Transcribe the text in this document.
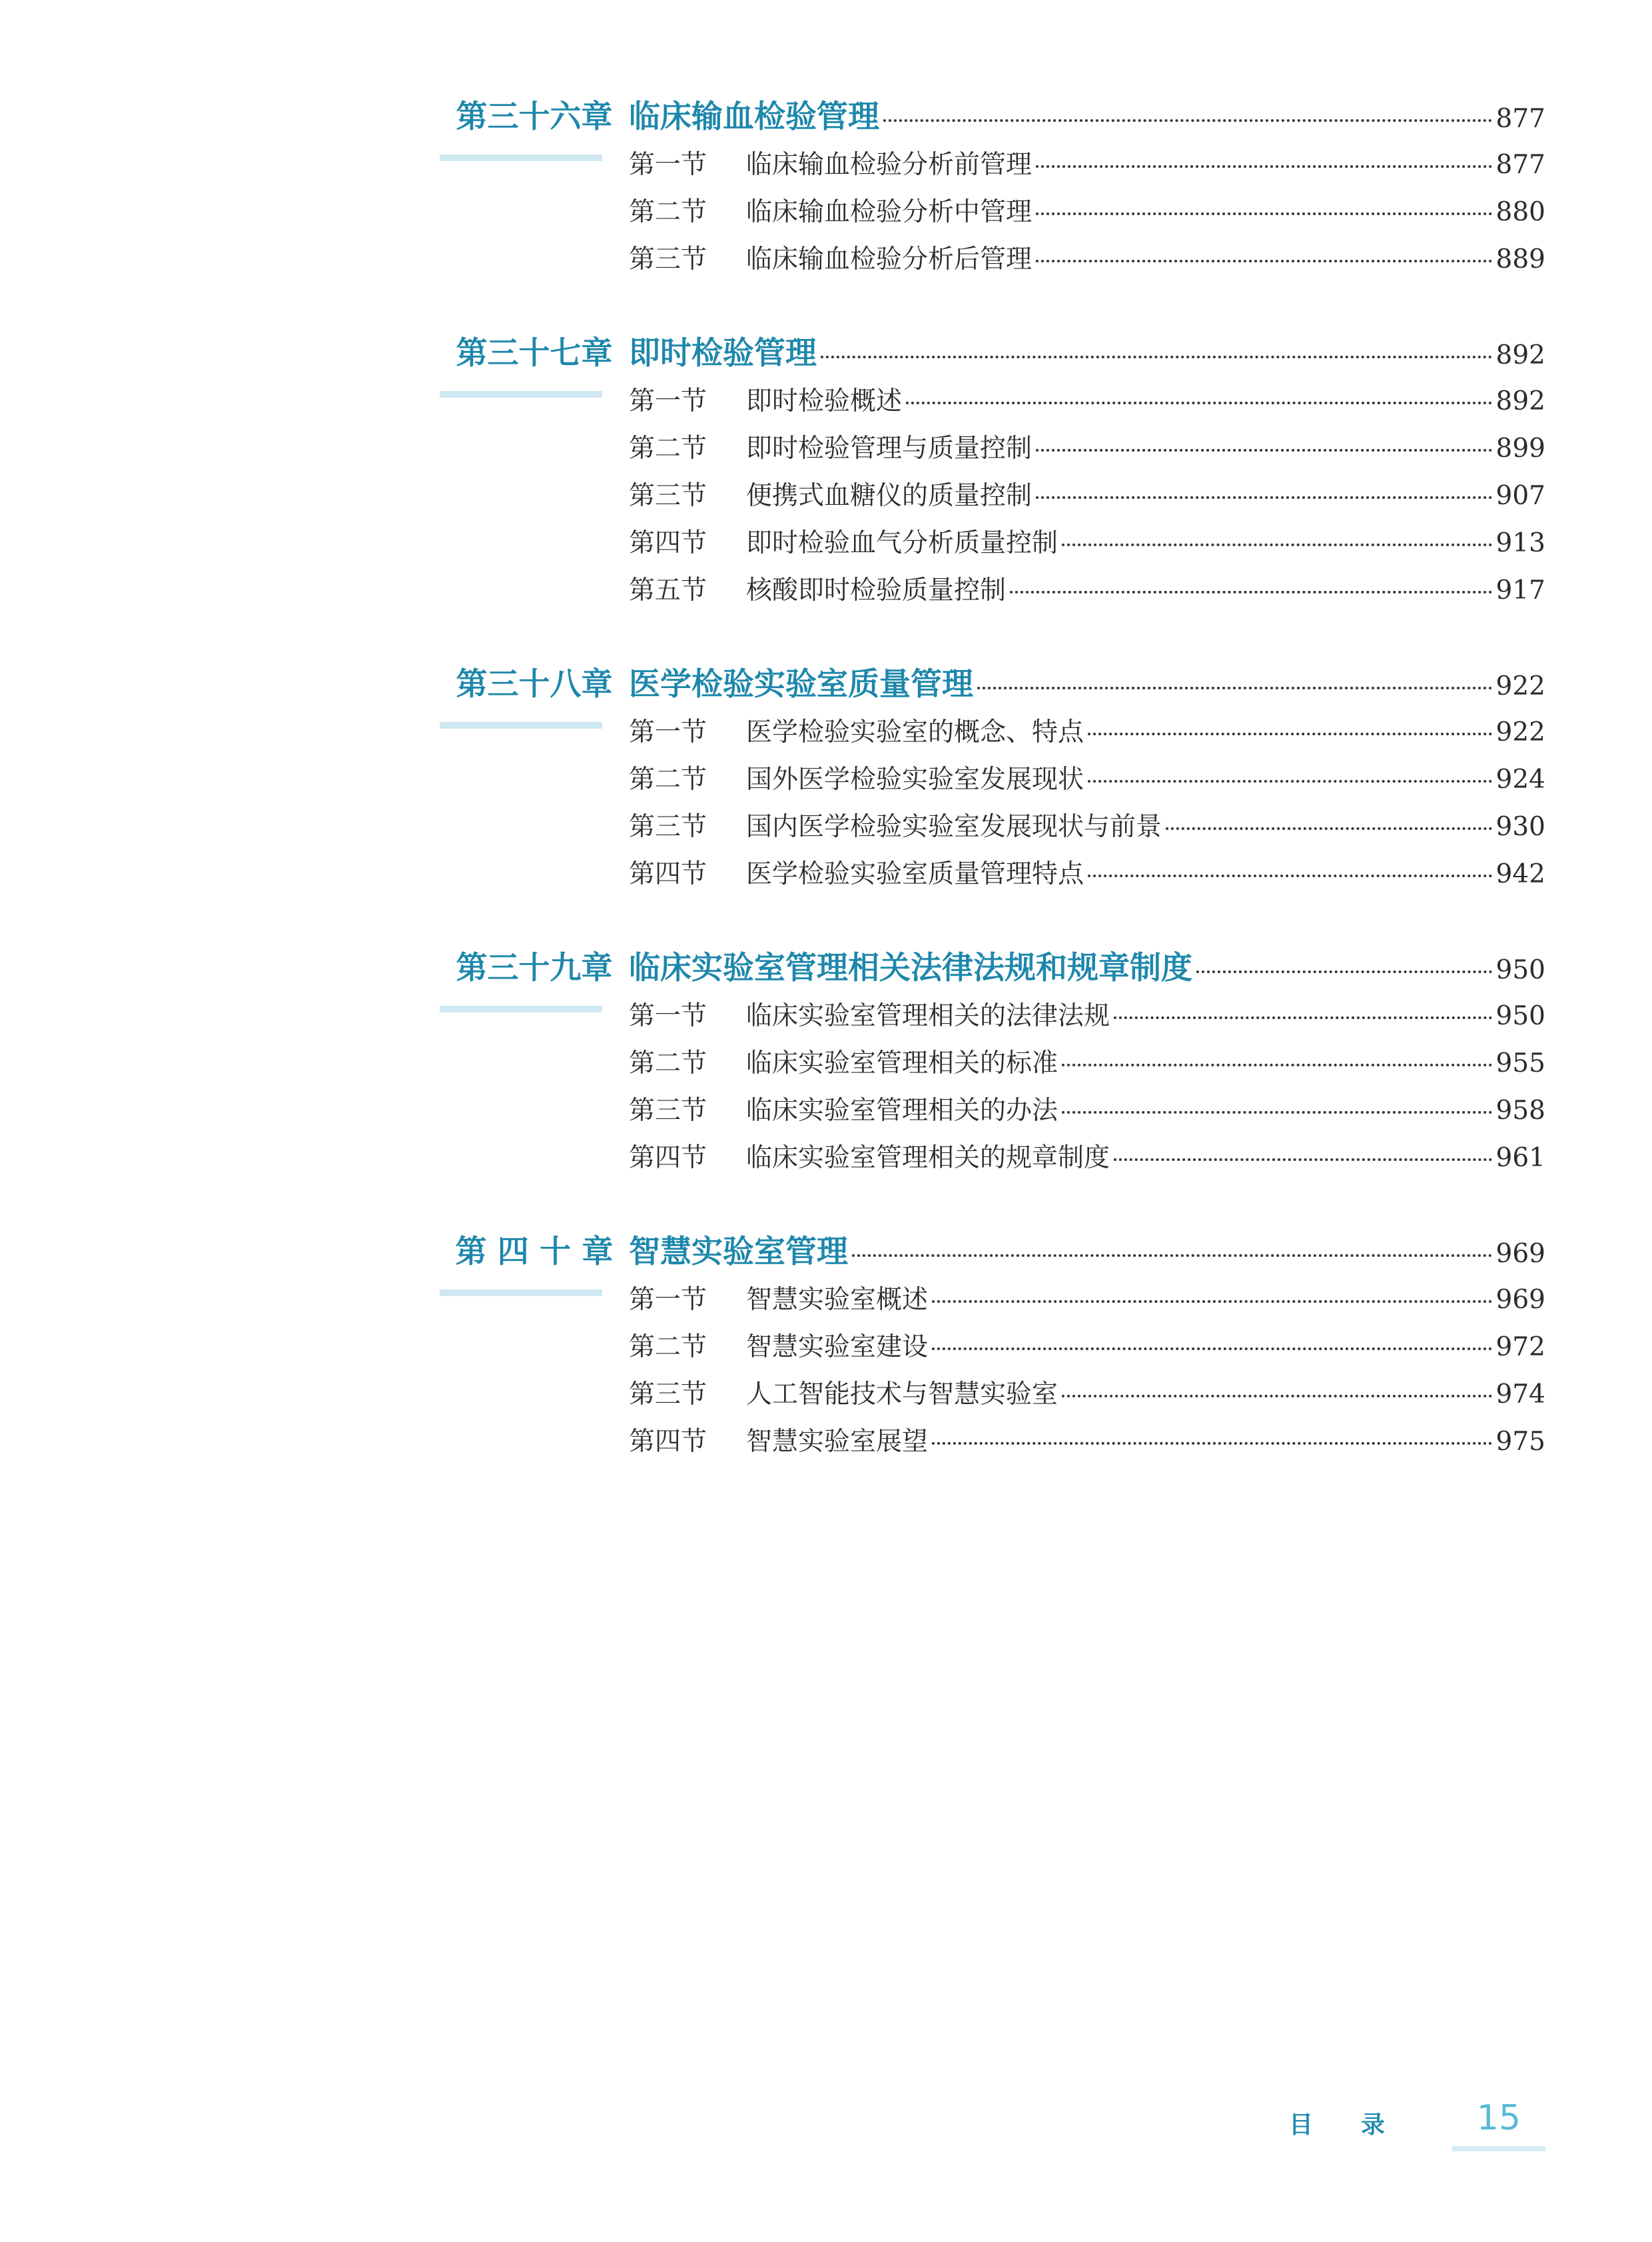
第三十六章 临床输血检验管理	877
第一节	临床输血检验分析前管理	877
第二节	临床输血检验分析中管理	880
第三节	临床输血检验分析后管理	889
第三十七章 即时检验管理	892
第一节	即时检验概述	892
第二节	即时检验管理与质量控制	899
第三节	便携式血糖仪的质量控制	907
第四节	即时检验血气分析质量控制	913
第五节	核酸即时检验质量控制	917
第三十八章 医学检验实验室质量管理	922
第一节	医学检验实验室的概念、特点	922
第二节	国外医学检验实验室发展现状	924
第三节	国内医学检验实验室发展现状与前景	930
第四节	医学检验实验室质量管理特点	942
第三十九章 临床实验室管理相关法律法规和规章制度	950
第一节	临床实验室管理相关的法律法规	950
第二节	临床实验室管理相关的标准	955
第三节	临床实验室管理相关的办法	958
第四节	临床实验室管理相关的规章制度	961
第 四 十 章 智慧实验室管理	969
第一节	智慧实验室概述	969
第二节	智慧实验室建设	972
第三节	人工智能技术与智慧实验室	974
第四节	智慧实验室展望	975
目录	15
